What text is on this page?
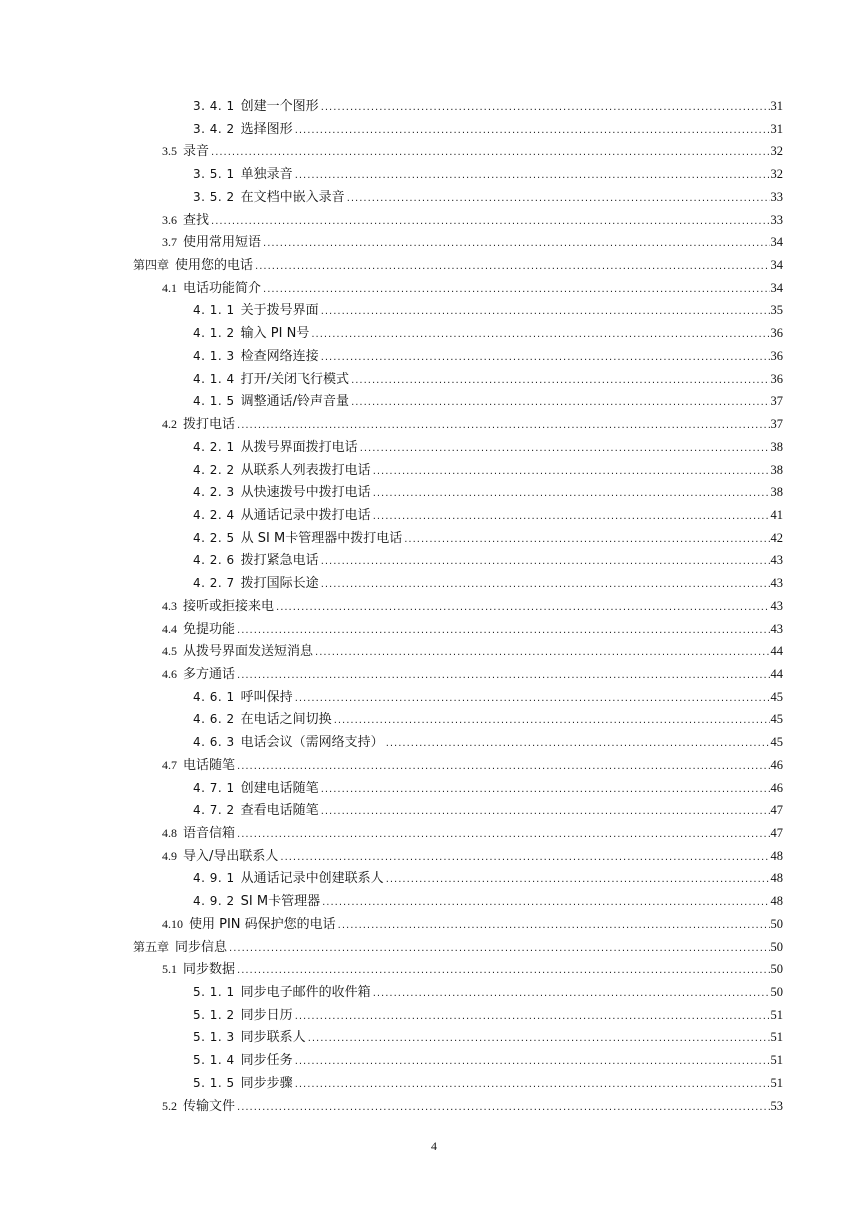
3. 4. 1 创建一个图形 .....	31
3. 4. 2 选择图形 .....	31
3.5 录音 .....	32
3. 5. 1 单独录音 .....	32
3. 5. 2 在文档中嵌入录音 .....	33
3.6 查找 .....	33
3.7 使用常用短语 .....	34
第四章 使用您的电话 .....	34
4.1 电话功能简介 .....	34
4. 1. 1 关于拨号界面 .....	35
4. 1. 2 输入 PI N号 .....	36
4. 1. 3 检查网络连接 .....	36
4. 1. 4 打开/关闭飞行模式 .....	36
4. 1. 5 调整通话/铃声音量 .....	37
4.2 拨打电话 .....	37
4. 2. 1 从拨号界面拨打电话 .....	38
4. 2. 2 从联系人列表拨打电话 .....	38
4. 2. 3 从快速拨号中拨打电话 .....	38
4. 2. 4 从通话记录中拨打电话 .....	41
4. 2. 5 从 SI M卡管理器中拨打电话 .....	42
4. 2. 6 拨打紧急电话 .....	43
4. 2. 7 拨打国际长途 .....	43
4.3 接听或拒接来电 .....	43
4.4 免提功能 .....	43
4.5 从拨号界面发送短消息 .....	44
4.6 多方通话 .....	44
4. 6. 1 呼叫保持 .....	45
4. 6. 2 在电话之间切换 .....	45
4. 6. 3 电话会议（需网络支持） .....	45
4.7 电话随笔 .....	46
4. 7. 1 创建电话随笔 .....	46
4. 7. 2 查看电话随笔 .....	47
4.8 语音信箱 .....	47
4.9 导入/导出联系人 .....	48
4. 9. 1 从通话记录中创建联系人 .....	48
4. 9. 2 SI M卡管理器 .....	48
4.10 使用 PIN 码保护您的电话 .....	50
第五章 同步信息 .....	50
5.1 同步数据 .....	50
5. 1. 1 同步电子邮件的收件箱 .....	50
5. 1. 2 同步日历 .....	51
5. 1. 3 同步联系人 .....	51
5. 1. 4 同步任务 .....	51
5. 1. 5 同步步骤 .....	51
5.2 传输文件 .....	53
4
